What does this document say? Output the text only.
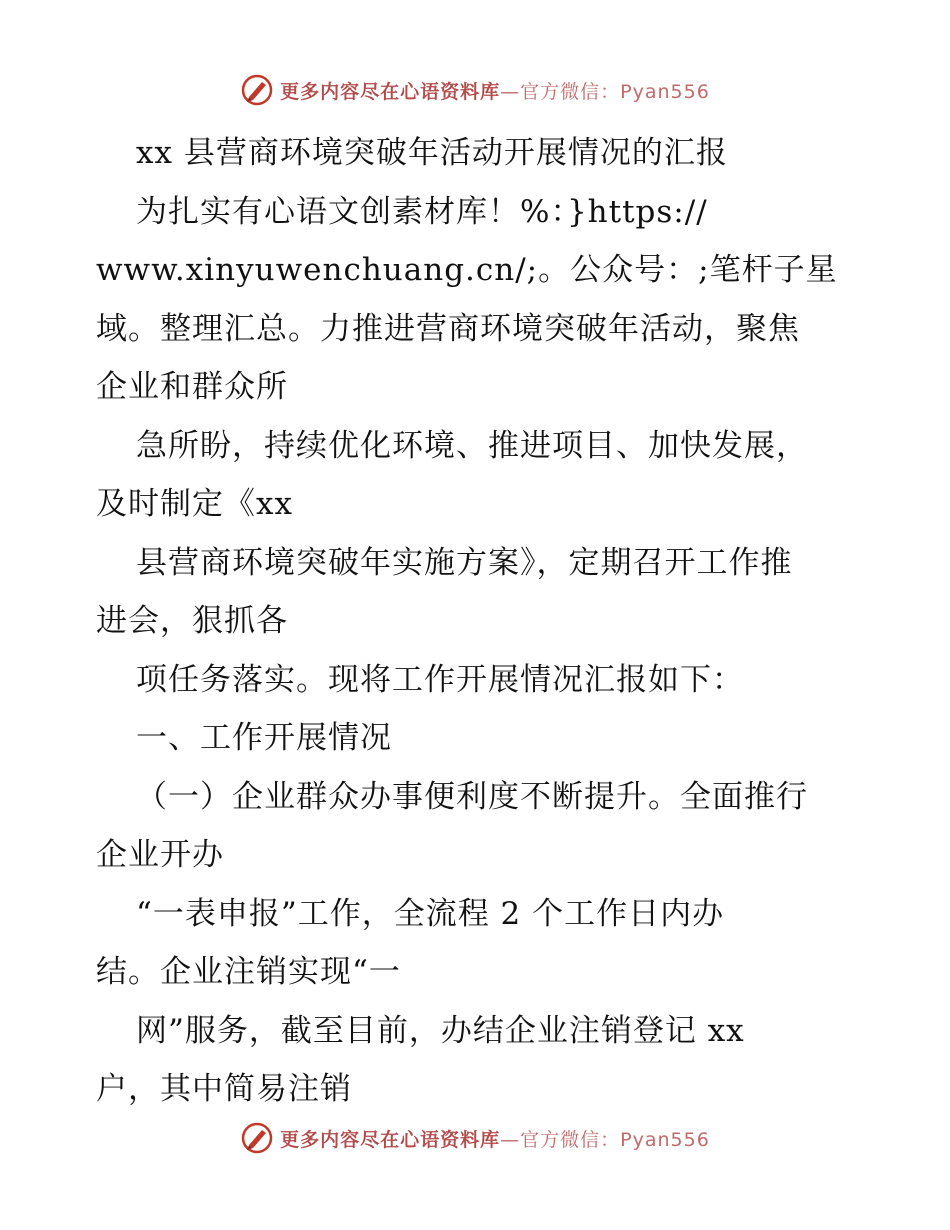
更多内容尽在心语资料库—官方微信：Pyan556
xx 县营商环境突破年活动开展情况的汇报
为扎实有心语文创素材库！%：}https://
www.xinyuwenchuang.cn/;。公众号：;笔杆子星
域。整理汇总。力推进营商环境突破年活动，聚焦
企业和群众所
急所盼，持续优化环境、推进项目、加快发展，
及时制定《xx
县营商环境突破年实施方案》，定期召开工作推
进会，狠抓各
项任务落实。现将工作开展情况汇报如下：
一、工作开展情况
（一）企业群众办事便利度不断提升。全面推行
企业开办
“一表申报”工作，全流程 2 个工作日内办
结。企业注销实现“一
网”服务，截至目前，办结企业注销登记 xx
户，其中简易注销
更多内容尽在心语资料库—官方微信：Pyan556
